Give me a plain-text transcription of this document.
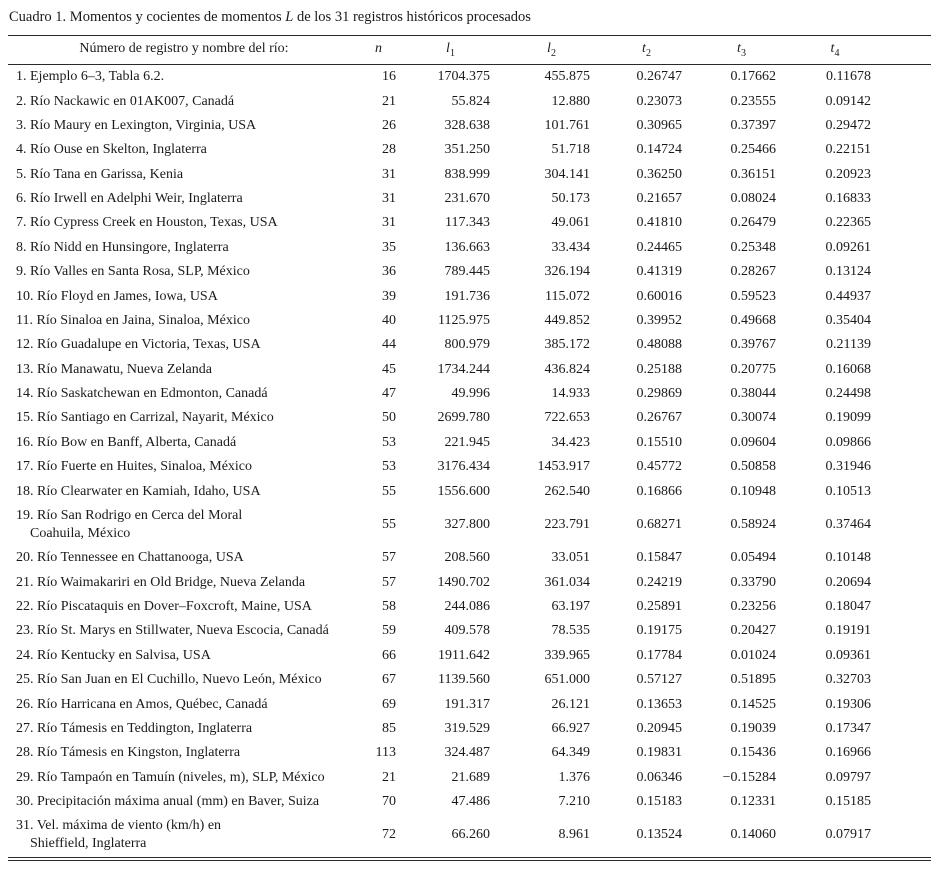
Cuadro 1. Momentos y cocientes de momentos L de los 31 registros históricos procesados

Número de registro y nombre del río:	n	$l_1$	$l_2$	$t_2$	$t_3$	$t_4$

1. Ejemplo 6–3, Tabla 6.2.	16	1704.375	455.875	0.26747	0.17662	0.11678

2. Río Nackawic en 01AK007, Canadá	21	55.824	12.880	0.23073	0.23555	0.09142

3. Río Maury en Lexington, Virginia, USA	26	328.638	101.761	0.30965	0.37397	0.29472

4. Río Ouse en Skelton, Inglaterra	28	351.250	51.718	0.14724	0.25466	0.22151

5. Río Tana en Garissa, Kenia	31	838.999	304.141	0.36250	0.36151	0.20923

6. Río Irwell en Adelphi Weir, Inglaterra	31	231.670	50.173	0.21657	0.08024	0.16833

7. Río Cypress Creek en Houston, Texas, USA	31	117.343	49.061	0.41810	0.26479	0.22365

8. Río Nidd en Hunsingore, Inglaterra	35	136.663	33.434	0.24465	0.25348	0.09261

9. Río Valles en Santa Rosa, SLP, México	36	789.445	326.194	0.41319	0.28267	0.13124

10. Río Floyd en James, Iowa, USA	39	191.736	115.072	0.60016	0.59523	0.44937

11. Río Sinaloa en Jaina, Sinaloa, México	40	1125.975	449.852	0.39952	0.49668	0.35404

12. Río Guadalupe en Victoria, Texas, USA	44	800.979	385.172	0.48088	0.39767	0.21139

13. Río Manawatu, Nueva Zelanda	45	1734.244	436.824	0.25188	0.20775	0.16068

14. Río Saskatchewan en Edmonton, Canadá	47	49.996	14.933	0.29869	0.38044	0.24498

15. Río Santiago en Carrizal, Nayarit, México	50	2699.780	722.653	0.26767	0.30074	0.19099

16. Río Bow en Banff, Alberta, Canadá	53	221.945	34.423	0.15510	0.09604	0.09866

17. Río Fuerte en Huites, Sinaloa, México	53	3176.434	1453.917	0.45772	0.50858	0.31946

18. Río Clearwater en Kamiah, Idaho, USA	55	1556.600	262.540	0.16866	0.10948	0.10513

19. Río San Rodrigo en Cerca del Moral
Coahuila, México	55	327.800	223.791	0.68271	0.58924	0.37464

20. Río Tennessee en Chattanooga, USA	57	208.560	33.051	0.15847	0.05494	0.10148

21. Río Waimakariri en Old Bridge, Nueva Zelanda	57	1490.702	361.034	0.24219	0.33790	0.20694

22. Río Piscataquis en Dover–Foxcroft, Maine, USA	58	244.086	63.197	0.25891	0.23256	0.18047

23. Río St. Marys en Stillwater, Nueva Escocia, Canadá	59	409.578	78.535	0.19175	0.20427	0.19191

24. Río Kentucky en Salvisa, USA	66	1911.642	339.965	0.17784	0.01024	0.09361

25. Río San Juan en El Cuchillo, Nuevo León, México	67	1139.560	651.000	0.57127	0.51895	0.32703

26. Río Harricana en Amos, Québec, Canadá	69	191.317	26.121	0.13653	0.14525	0.19306

27. Río Támesis en Teddington, Inglaterra	85	319.529	66.927	0.20945	0.19039	0.17347

28. Río Támesis en Kingston, Inglaterra	113	324.487	64.349	0.19831	0.15436	0.16966

29. Río Tampaón en Tamuín (niveles, m), SLP, México	21	21.689	1.376	0.06346	−0.15284	0.09797

30. Precipitación máxima anual (mm) en Baver, Suiza	70	47.486	7.210	0.15183	0.12331	0.15185

31. Vel. máxima de viento (km/h) en
Shieffield, Inglaterra	72	66.260	8.961	0.13524	0.14060	0.07917
